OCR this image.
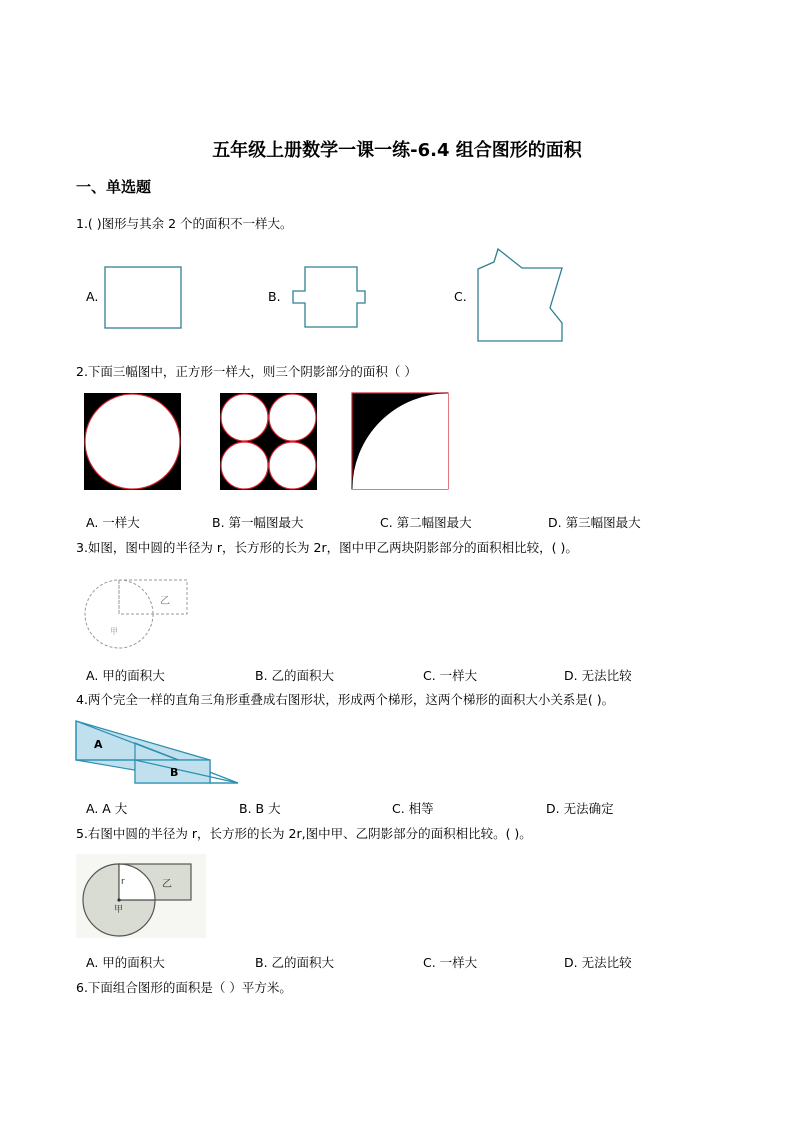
五年级上册数学一课一练-6.4 组合图形的面积
一、单选题
1.( )图形与其余 2 个的面积不一样大。
A.	B.	C.
2.下面三幅图中，正方形一样大，则三个阴影部分的面积（ ）
A. 一样大	B. 第一幅图最大	C. 第二幅图最大	D. 第三幅图最大
3.如图，图中圆的半径为 r，长方形的长为 2r，图中甲乙两块阴影部分的面积相比较，( )。
乙
甲
A. 甲的面积大	B. 乙的面积大	C. 一样大	D. 无法比较
4.两个完全一样的直角三角形重叠成右图形状，形成两个梯形，这两个梯形的面积大小关系是( )。
A
B
A. A 大	B. B 大	C. 相等	D. 无法确定
5.右图中圆的半径为 r，长方形的长为 2r,图中甲、乙阴影部分的面积相比较。( )。
r	乙
甲
A. 甲的面积大	B. 乙的面积大	C. 一样大	D. 无法比较
6.下面组合图形的面积是（ ）平方米。
